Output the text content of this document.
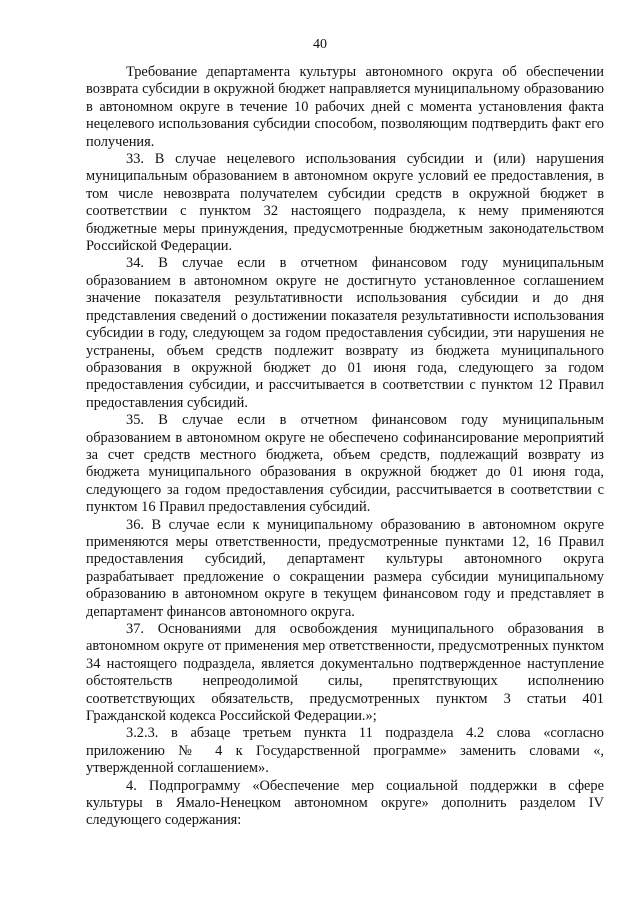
40

Требование департамента культуры автономного округа об обеспечении возврата субсидии в окружной бюджет направляется муниципальному образованию в автономном округе в течение 10 рабочих дней с момента установления факта нецелевого использования субсидии способом, позволяющим подтвердить факт его получения.

33. В случае нецелевого использования субсидии и (или) нарушения муниципальным образованием в автономном округе условий ее предоставления, в том числе невозврата получателем субсидии средств в окружной бюджет в соответствии с пунктом 32 настоящего подраздела, к нему применяются бюджетные меры принуждения, предусмотренные бюджетным законодательством Российской Федерации.

34. В случае если в отчетном финансовом году муниципальным образованием в автономном округе не достигнуто установленное соглашением значение показателя результативности использования субсидии и до дня представления сведений о достижении показателя результативности использования субсидии в году, следующем за годом предоставления субсидии, эти нарушения не устранены, объем средств подлежит возврату из бюджета муниципального образования в окружной бюджет до 01 июня года, следующего за годом предоставления субсидии, и рассчитывается в соответствии с пунктом 12 Правил предоставления субсидий.

35. В случае если в отчетном финансовом году муниципальным образованием в автономном округе не обеспечено софинансирование мероприятий за счет средств местного бюджета, объем средств, подлежащий возврату из бюджета муниципального образования в окружной бюджет до 01 июня года, следующего за годом предоставления субсидии, рассчитывается в соответствии с пунктом 16 Правил предоставления субсидий.

36. В случае если к муниципальному образованию в автономном округе применяются меры ответственности, предусмотренные пунктами 12, 16 Правил предоставления субсидий, департамент культуры автономного округа разрабатывает предложение о сокращении размера субсидии муниципальному образованию в автономном округе в текущем финансовом году и представляет в департамент финансов автономного округа.

37. Основаниями для освобождения муниципального образования в автономном округе от применения мер ответственности, предусмотренных пунктом 34 настоящего подраздела, является документально подтвержденное наступление обстоятельств непреодолимой силы, препятствующих исполнению соответствующих обязательств, предусмотренных пунктом 3 статьи 401 Гражданской кодекса Российской Федерации.»;

3.2.3. в абзаце третьем пункта 11 подраздела 4.2 слова «согласно приложению № 4 к Государственной программе» заменить словами «, утвержденной соглашением».

4. Подпрограмму «Обеспечение мер социальной поддержки в сфере культуры в Ямало-Ненецком автономном округе» дополнить разделом IV следующего содержания:
